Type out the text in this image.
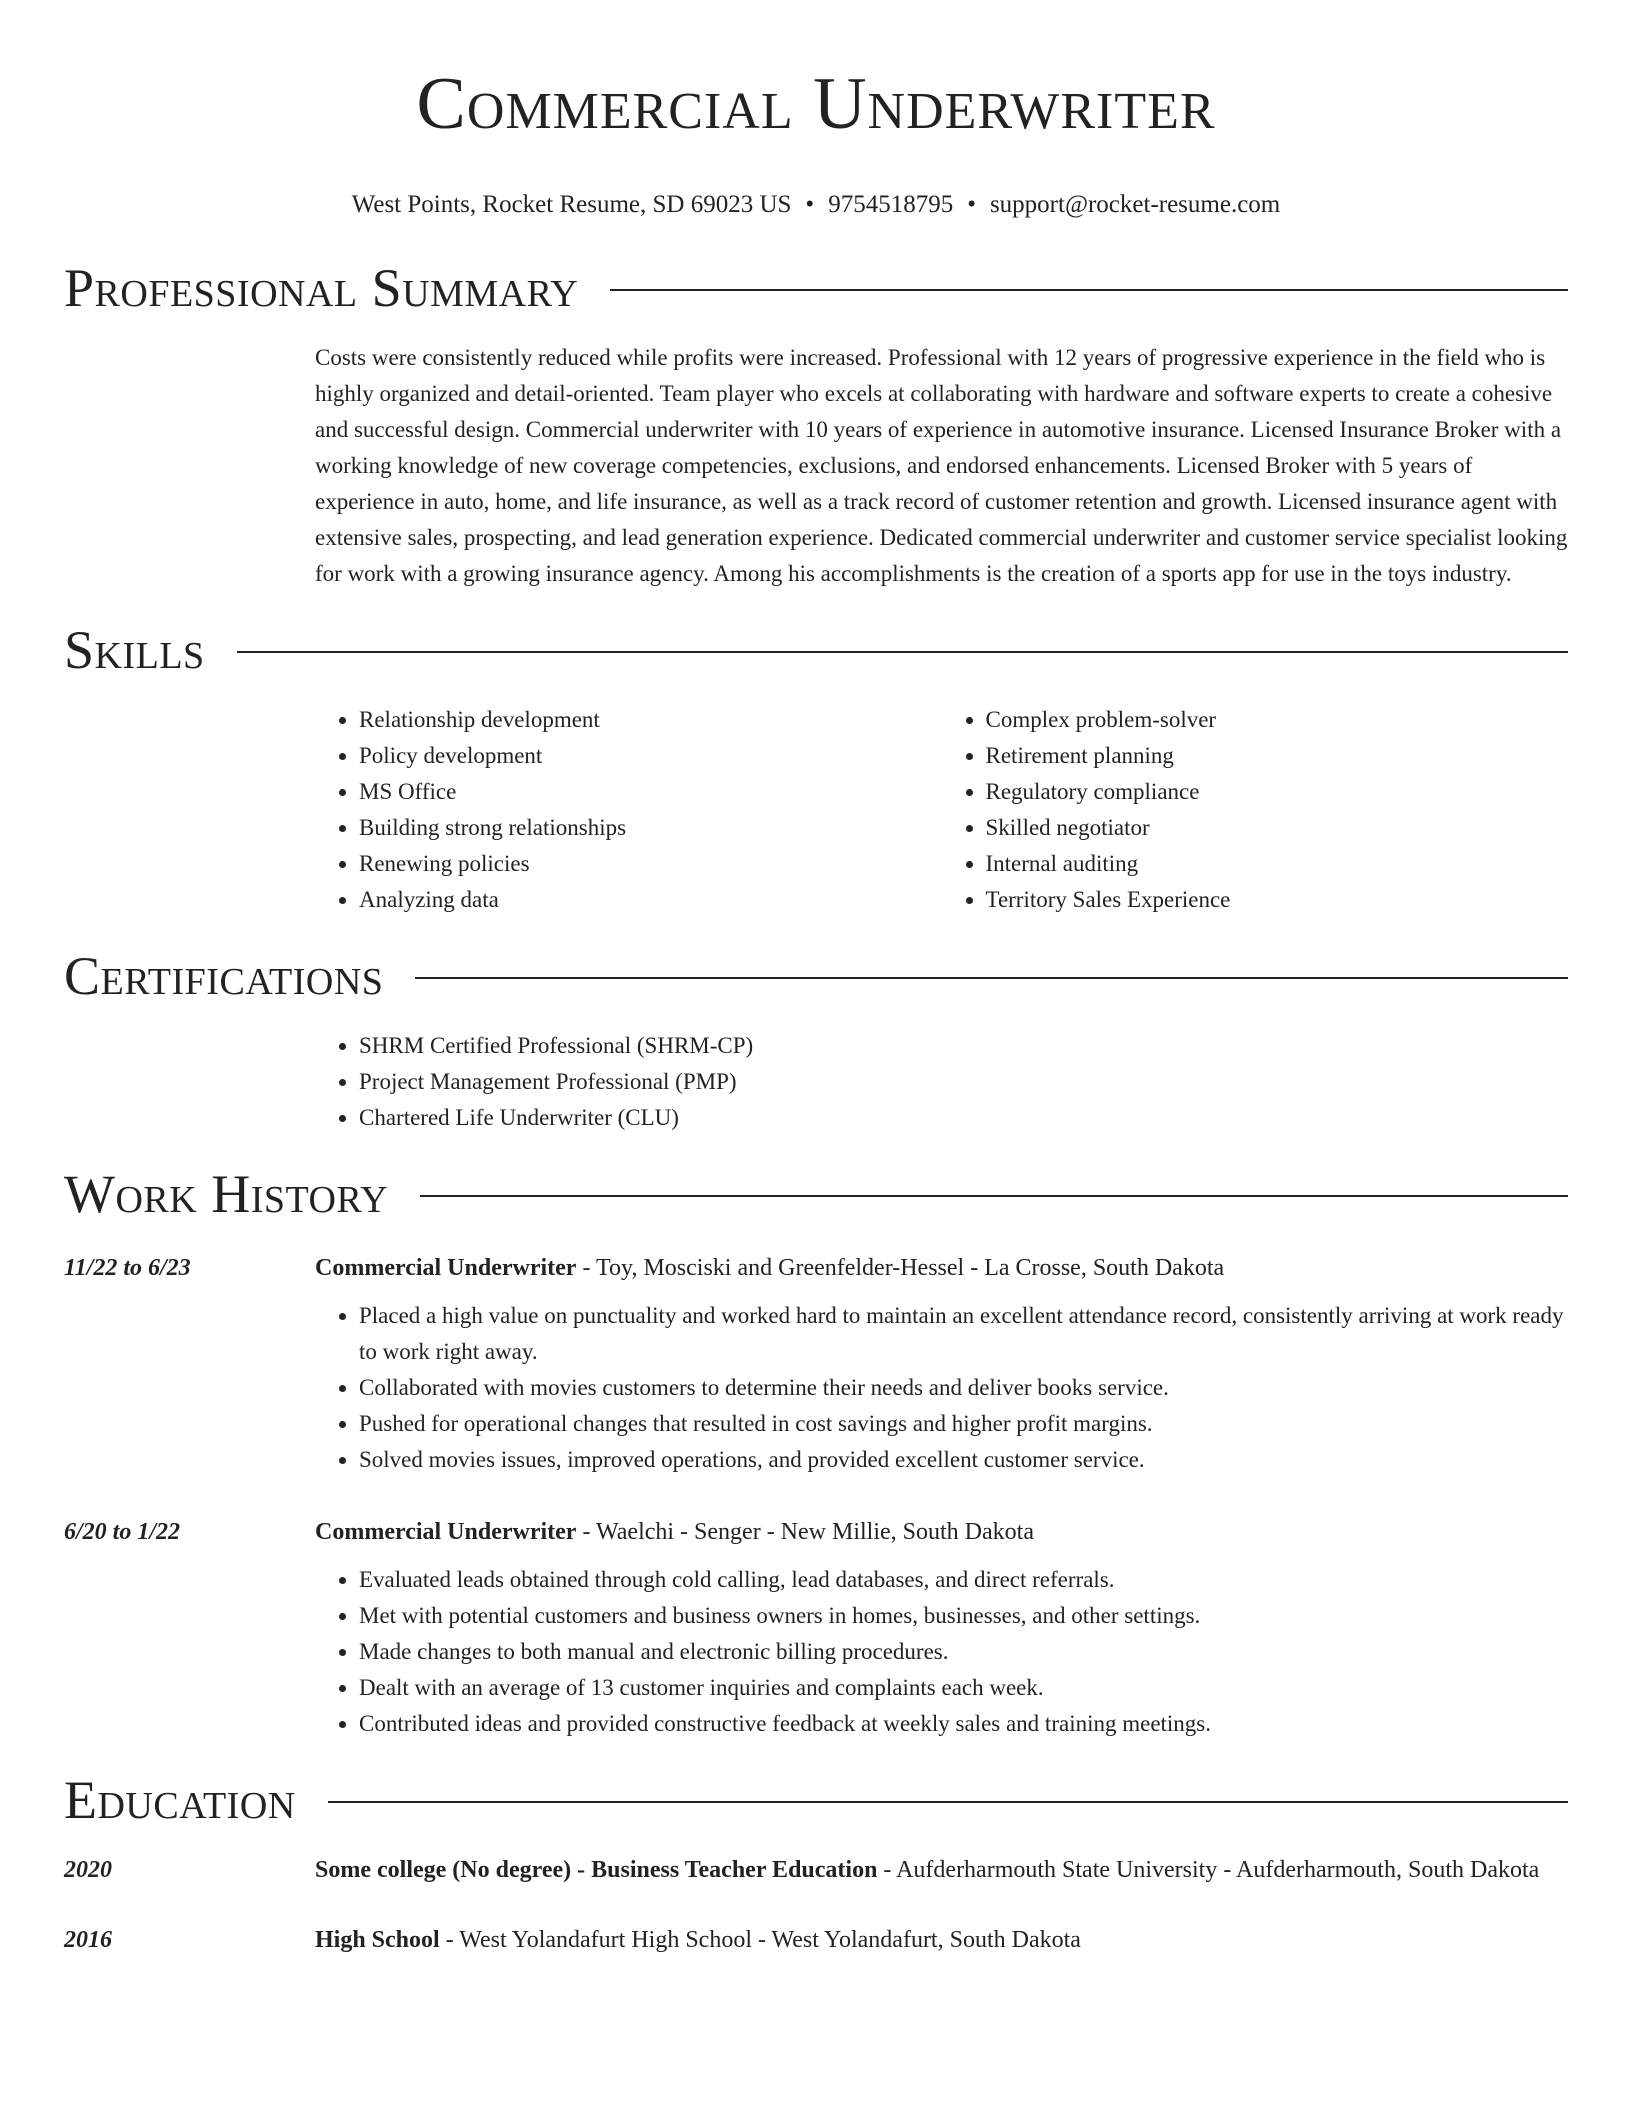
Commercial Underwriter
West Points, Rocket Resume, SD 69023 US • 9754518795 • support@rocket-resume.com
Professional Summary
Costs were consistently reduced while profits were increased. Professional with 12 years of progressive experience in the field who is highly organized and detail-oriented. Team player who excels at collaborating with hardware and software experts to create a cohesive and successful design. Commercial underwriter with 10 years of experience in automotive insurance. Licensed Insurance Broker with a working knowledge of new coverage competencies, exclusions, and endorsed enhancements. Licensed Broker with 5 years of experience in auto, home, and life insurance, as well as a track record of customer retention and growth. Licensed insurance agent with extensive sales, prospecting, and lead generation experience. Dedicated commercial underwriter and customer service specialist looking for work with a growing insurance agency. Among his accomplishments is the creation of a sports app for use in the toys industry.
Skills
• Relationship development
• Policy development
• MS Office
• Building strong relationships
• Renewing policies
• Analyzing data
• Complex problem-solver
• Retirement planning
• Regulatory compliance
• Skilled negotiator
• Internal auditing
• Territory Sales Experience
Certifications
• SHRM Certified Professional (SHRM-CP)
• Project Management Professional (PMP)
• Chartered Life Underwriter (CLU)
Work History
11/22 to 6/23	Commercial Underwriter - Toy, Mosciski and Greenfelder-Hessel - La Crosse, South Dakota
• Placed a high value on punctuality and worked hard to maintain an excellent attendance record, consistently arriving at work ready to work right away.
• Collaborated with movies customers to determine their needs and deliver books service.
• Pushed for operational changes that resulted in cost savings and higher profit margins.
• Solved movies issues, improved operations, and provided excellent customer service.
6/20 to 1/22	Commercial Underwriter - Waelchi - Senger - New Millie, South Dakota
• Evaluated leads obtained through cold calling, lead databases, and direct referrals.
• Met with potential customers and business owners in homes, businesses, and other settings.
• Made changes to both manual and electronic billing procedures.
• Dealt with an average of 13 customer inquiries and complaints each week.
• Contributed ideas and provided constructive feedback at weekly sales and training meetings.
Education
2020	Some college (No degree) - Business Teacher Education - Aufderharmouth State University - Aufderharmouth, South Dakota
2016	High School - West Yolandafurt High School - West Yolandafurt, South Dakota
